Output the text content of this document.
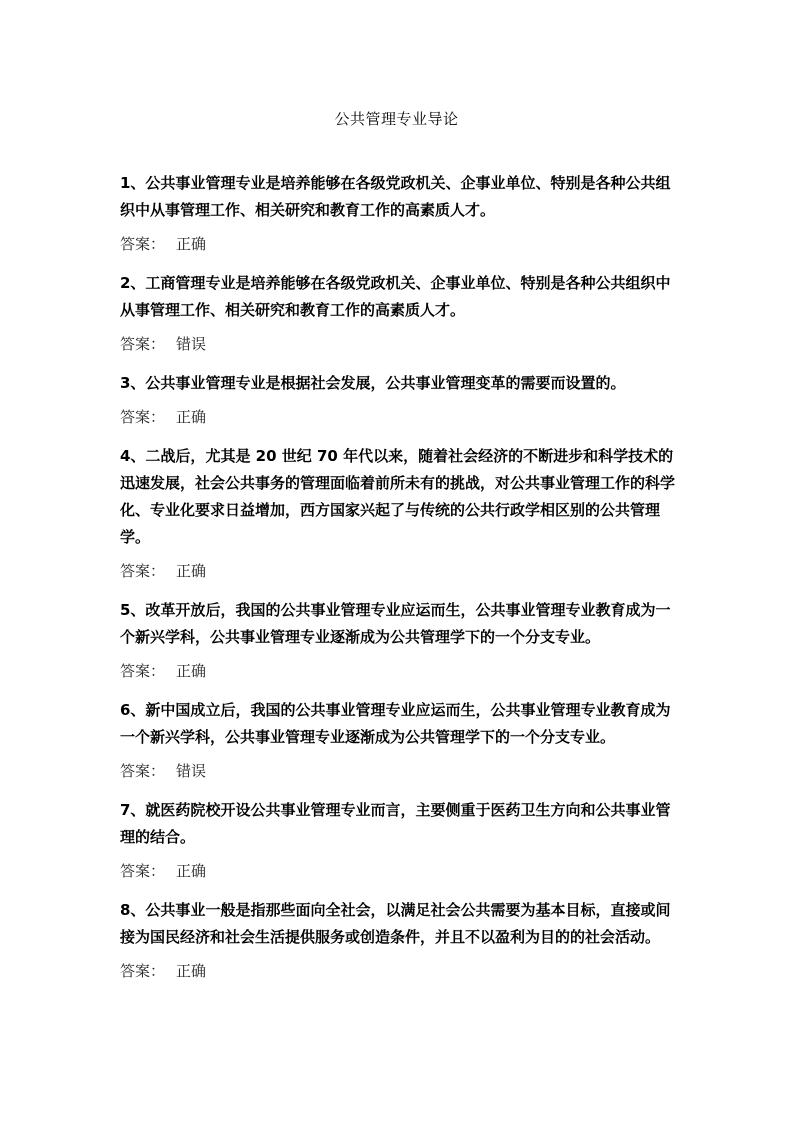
公共管理专业导论

1、公共事业管理专业是培养能够在各级党政机关、企事业单位、特别是各种公共组织中从事管理工作、相关研究和教育工作的高素质人才。

答案： 正确

2、工商管理专业是培养能够在各级党政机关、企事业单位、特别是各种公共组织中从事管理工作、相关研究和教育工作的高素质人才。

答案： 错误

3、公共事业管理专业是根据社会发展，公共事业管理变革的需要而设置的。

答案： 正确

4、二战后，尤其是 20 世纪 70 年代以来，随着社会经济的不断进步和科学技术的迅速发展，社会公共事务的管理面临着前所未有的挑战，对公共事业管理工作的科学化、专业化要求日益增加，西方国家兴起了与传统的公共行政学相区别的公共管理学。

答案： 正确

5、改革开放后，我国的公共事业管理专业应运而生，公共事业管理专业教育成为一个新兴学科，公共事业管理专业逐渐成为公共管理学下的一个分支专业。

答案： 正确

6、新中国成立后，我国的公共事业管理专业应运而生，公共事业管理专业教育成为一个新兴学科，公共事业管理专业逐渐成为公共管理学下的一个分支专业。

答案： 错误

7、就医药院校开设公共事业管理专业而言，主要侧重于医药卫生方向和公共事业管理的结合。

答案： 正确

8、公共事业一般是指那些面向全社会，以满足社会公共需要为基本目标，直接或间接为国民经济和社会生活提供服务或创造条件，并且不以盈利为目的的社会活动。

答案： 正确
